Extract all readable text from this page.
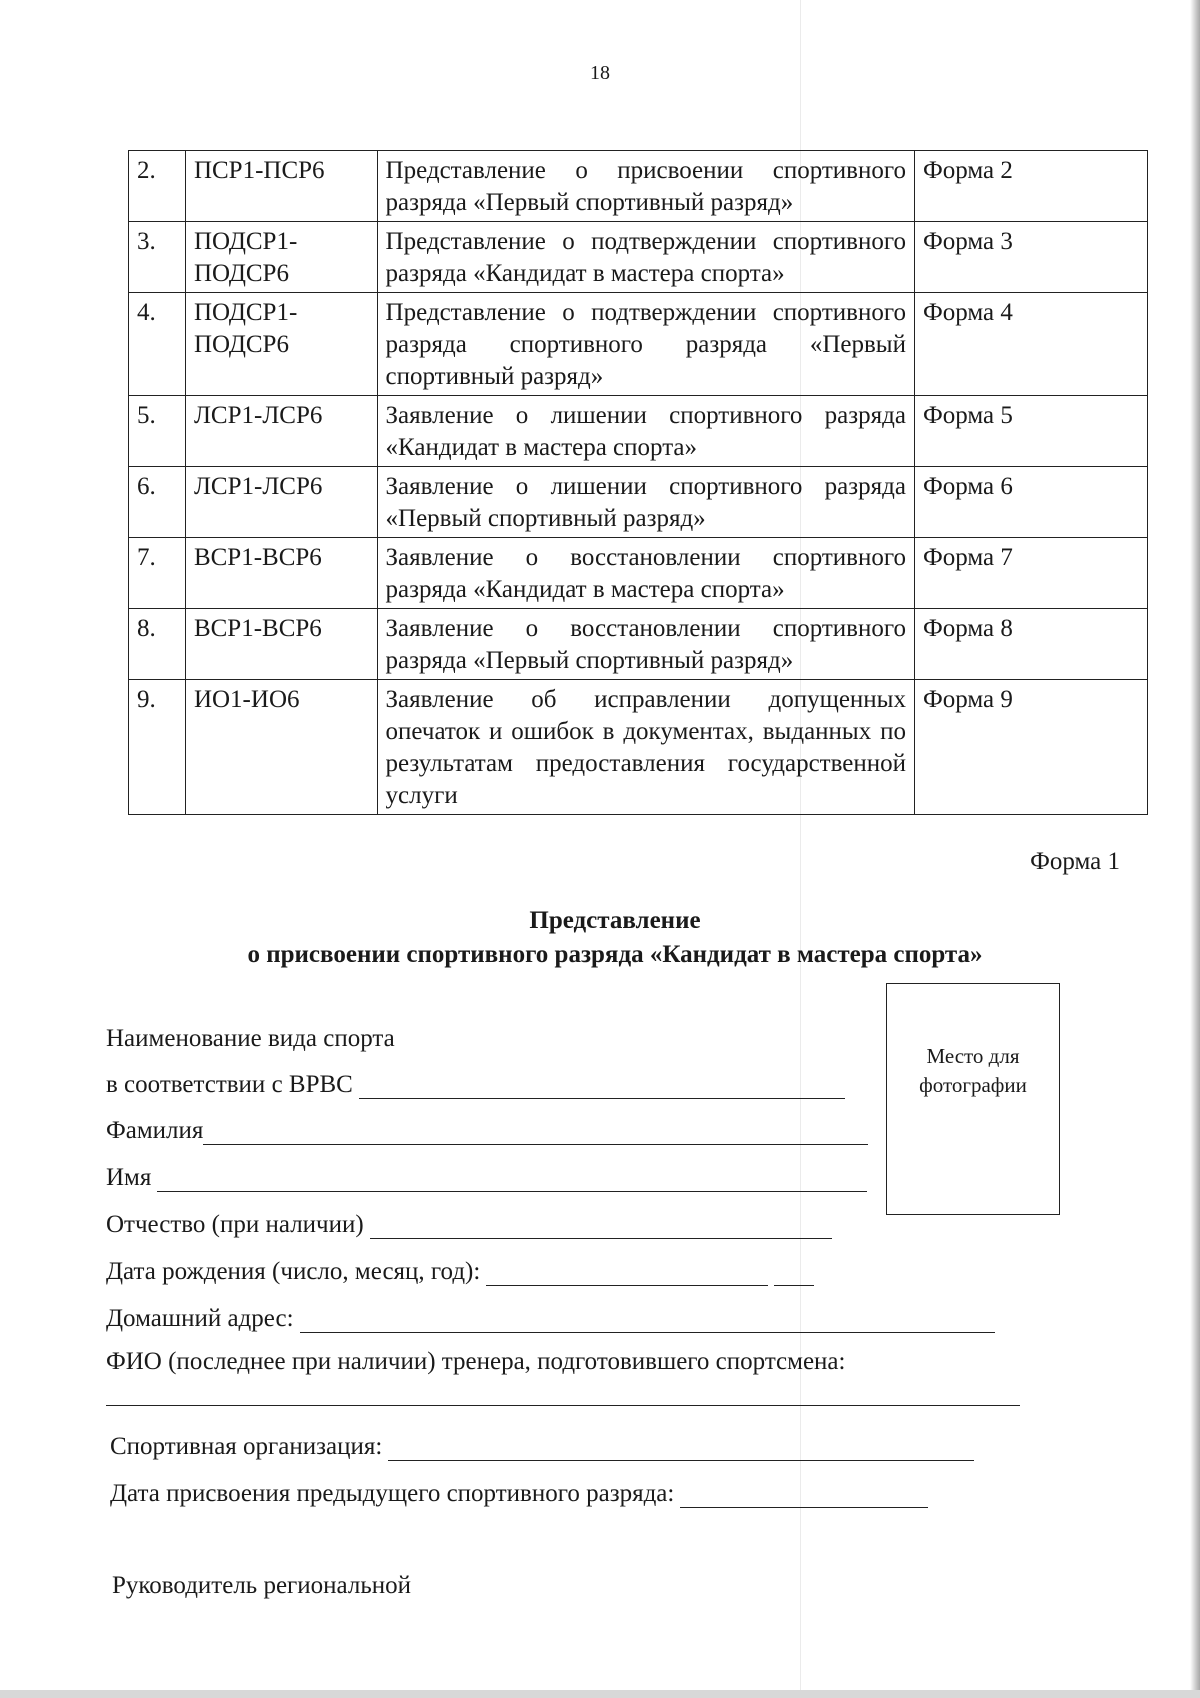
18
2.	ПСР1-ПСР6	Представление о присвоении спортивного разряда «Первый спортивный разряд»	Форма 2
3.	ПОДСР1-ПОДСР6	Представление о подтверждении спортивного разряда «Кандидат в мастера спорта»	Форма 3
4.	ПОДСР1-ПОДСР6	Представление о подтверждении спортивного разряда спортивного разряда «Первый спортивный разряд»	Форма 4
5.	ЛСР1-ЛСР6	Заявление о лишении спортивного разряда «Кандидат в мастера спорта»	Форма 5
6.	ЛСР1-ЛСР6	Заявление о лишении спортивного разряда «Первый спортивный разряд»	Форма 6
7.	ВСР1-ВСР6	Заявление о восстановлении спортивного разряда «Кандидат в мастера спорта»	Форма 7
8.	ВСР1-ВСР6	Заявление о восстановлении спортивного разряда «Первый спортивный разряд»	Форма 8
9.	ИО1-ИО6	Заявление об исправлении допущенных опечаток и ошибок в документах, выданных по результатам предоставления государственной услуги	Форма 9
Форма 1
Представление
о присвоении спортивного разряда «Кандидат в мастера спорта»
Место для
фотографии
Наименование вида спорта
в соответствии с ВРВС
Фамилия
Имя
Отчество (при наличии)
Дата рождения (число, месяц, год):
Домашний адрес:
ФИО (последнее при наличии) тренера, подготовившего спортсмена:
Спортивная организация:
Дата присвоения предыдущего спортивного разряда:
Руководитель региональной
